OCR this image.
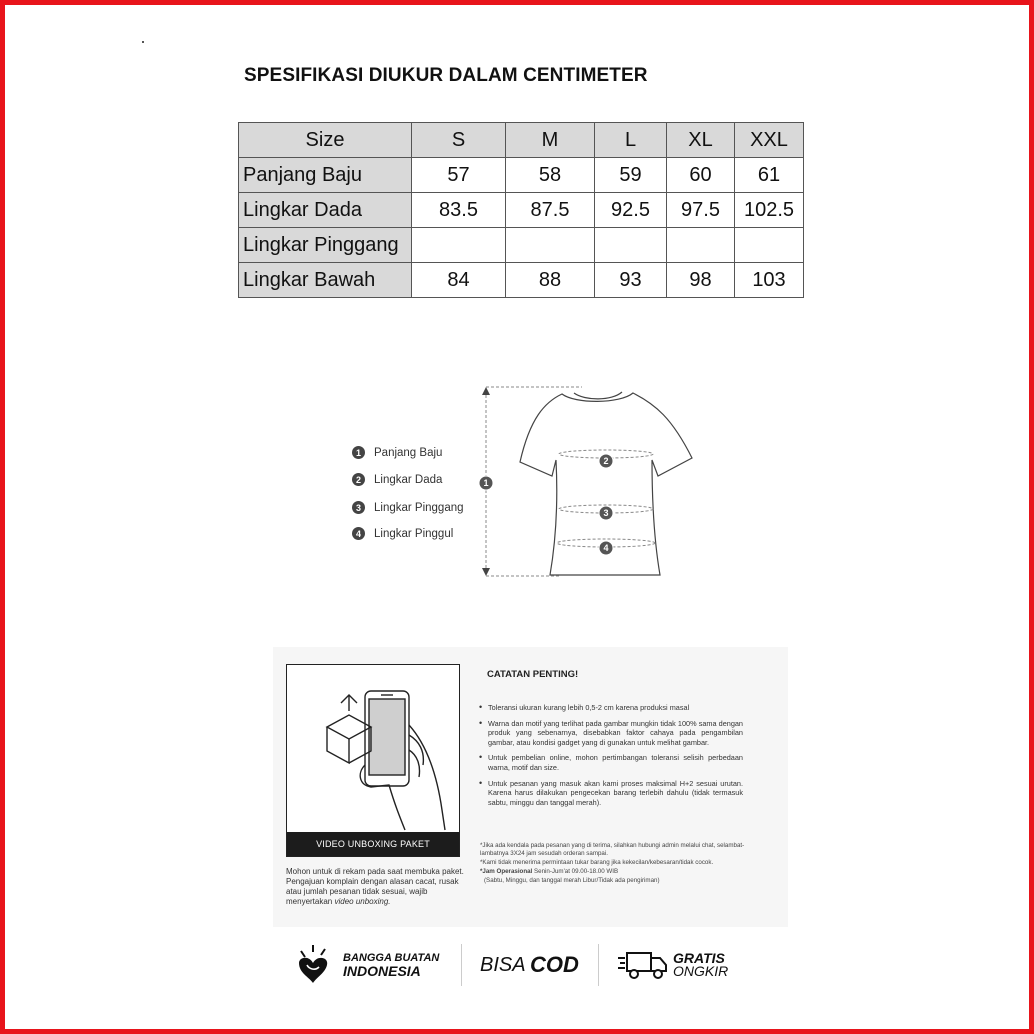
SPESIFIKASI DIUKUR DALAM CENTIMETER
Size	S	M	L	XL	XXL
Panjang Baju	57	58	59	60	61
Lingkar Dada	83.5	87.5	92.5	97.5	102.5
Lingkar Pinggang					
Lingkar Bawah	84	88	93	98	103
1	Panjang Baju
2	Lingkar Dada
3	Lingkar Pinggang
4	Lingkar Pinggul
1
2
3
4
VIDEO UNBOXING PAKET
Mohon untuk di rekam pada saat membuka paket. Pengajuan komplain dengan alasan cacat, rusak atau jumlah pesanan tidak sesuai, wajib menyertakan video unboxing.
CATATAN PENTING!
• Toleransi ukuran kurang lebih 0,5-2 cm karena produksi masal
• Warna dan motif yang terlihat pada gambar mungkin tidak 100% sama dengan produk yang sebenarnya, disebabkan faktor cahaya pada pengambilan gambar, atau kondisi gadget yang di gunakan untuk melihat gambar.
• Untuk pembelian online, mohon pertimbangan toleransi selisih perbedaan warna, motif dan size.
• Untuk pesanan yang masuk akan kami proses maksimal H+2 sesuai urutan. Karena harus dilakukan pengecekan barang terlebih dahulu (tidak termasuk sabtu, minggu dan tanggal merah).
*Jika ada kendala pada pesanan yang di terima, silahkan hubungi admin melalui chat, selambat-lambatnya 3X24 jam sesudah orderan sampai.
*Kami tidak menerima permintaan tukar barang jika kekecilan/kebesaran/tidak cocok.
*Jam Operasional Senin-Jum'at 09.00-18.00 WIB
(Sabtu, Minggu, dan tanggal merah Libur/Tidak ada pengiriman)
BANGGA BUATAN
INDONESIA	BISA
COD	GRATIS
ONGKIR
